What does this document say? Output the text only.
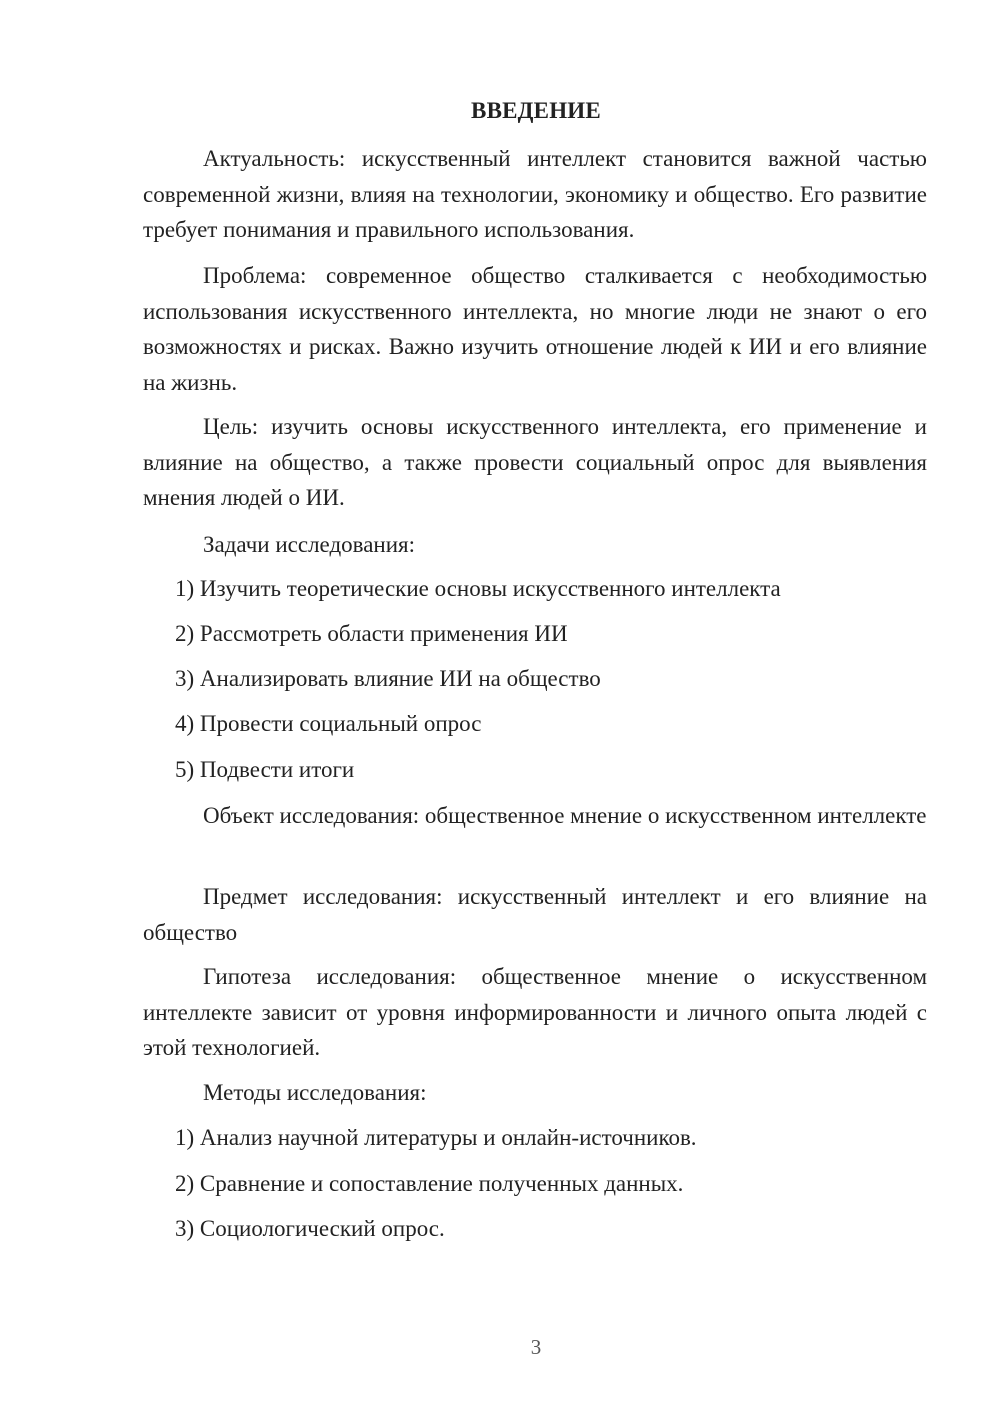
ВВЕДЕНИЕ

Актуальность: искусственный интеллект становится важной частью современной жизни, влияя на технологии, экономику и общество. Его развитие требует понимания и правильного использования.

Проблема: современное общество сталкивается с необходимостью использования искусственного интеллекта, но многие люди не знают о его возможностях и рисках. Важно изучить отношение людей к ИИ и его влияние на жизнь.

Цель: изучить основы искусственного интеллекта, его применение и влияние на общество, а также провести социальный опрос для выявления мнения людей о ИИ.

Задачи исследования:

1) Изучить теоретические основы искусственного интеллекта

2) Рассмотреть области применения ИИ

3) Анализировать влияние ИИ на общество

4) Провести социальный опрос

5) Подвести итоги

Объект исследования: общественное мнение о искусственном интеллекте

Предмет исследования: искусственный интеллект и его влияние на общество

Гипотеза исследования: общественное мнение о искусственном интеллекте зависит от уровня информированности и личного опыта людей с этой технологией.

Методы исследования:

1) Анализ научной литературы и онлайн-источников.

2) Сравнение и сопоставление полученных данных.

3) Социологический опрос.

3
